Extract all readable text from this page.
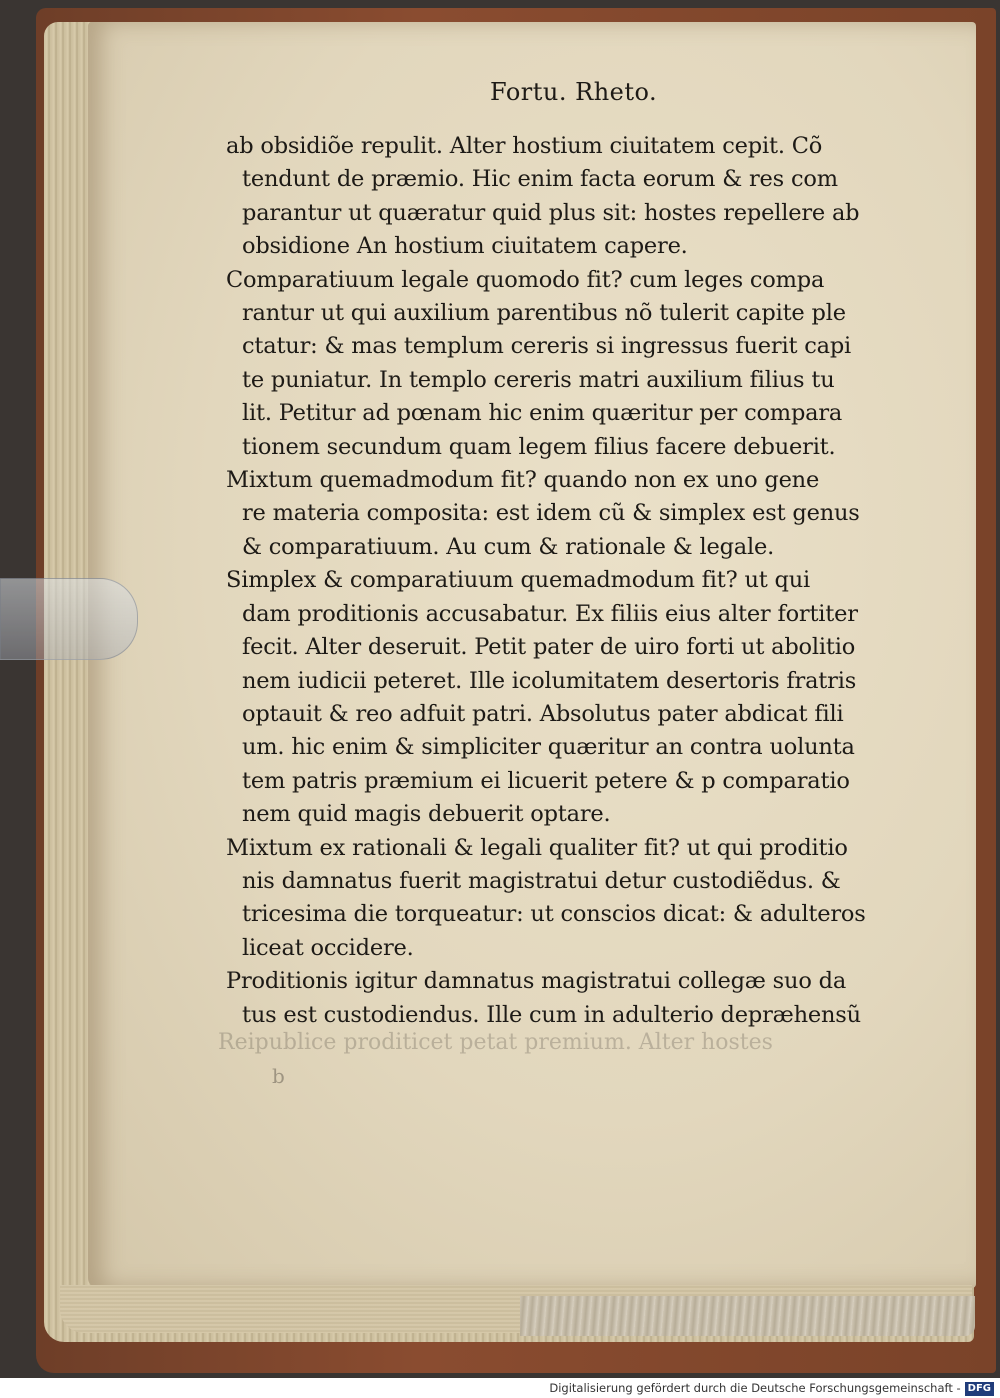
Fortu. Rheto.
ab obsidiõe repulit. Alter hostium ciuitatem cepit. Cõ
tendunt de præmio. Hic enim facta eorum & res com
parantur ut quæratur quid plus sit: hostes repellere ab
obsidione An hostium ciuitatem capere.
Comparatiuum legale quomodo fit? cum leges compa
rantur ut qui auxilium parentibus nõ tulerit capite ple
ctatur: & mas templum cereris si ingressus fuerit capi
te puniatur. In templo cereris matri auxilium filius tu
lit. Petitur ad pœnam hic enim quæritur per compara
tionem secundum quam legem filius facere debuerit.
Mixtum quemadmodum fit? quando non ex uno gene
re materia composita: est idem cũ & simplex est genus
& comparatiuum. Au cum & rationale & legale.
Simplex & comparatiuum quemadmodum fit? ut qui
dam proditionis accusabatur. Ex filiis eius alter fortiter
fecit. Alter deseruit. Petit pater de uiro forti ut abolitio
nem iudicii peteret. Ille icolumitatem desertoris fratris
optauit & reo adfuit patri. Absolutus pater abdicat fili
um. hic enim & simpliciter quæritur an contra uolunta
tem patris præmium ei licuerit petere & p comparatio
nem quid magis debuerit optare.
Mixtum ex rationali & legali qualiter fit? ut qui proditio
nis damnatus fuerit magistratui detur custodiẽdus. &
tricesima die torqueatur: ut conscios dicat: & adulteros
liceat occidere.
Proditionis igitur damnatus magistratui collegæ suo da
tus est custodiendus. Ille cum in adulterio depræhensũ
Reipublice proditicet petat premium. Alter hostes
b
Digitalisierung gefördert durch die Deutsche Forschungsgemeinschaft - DFG
